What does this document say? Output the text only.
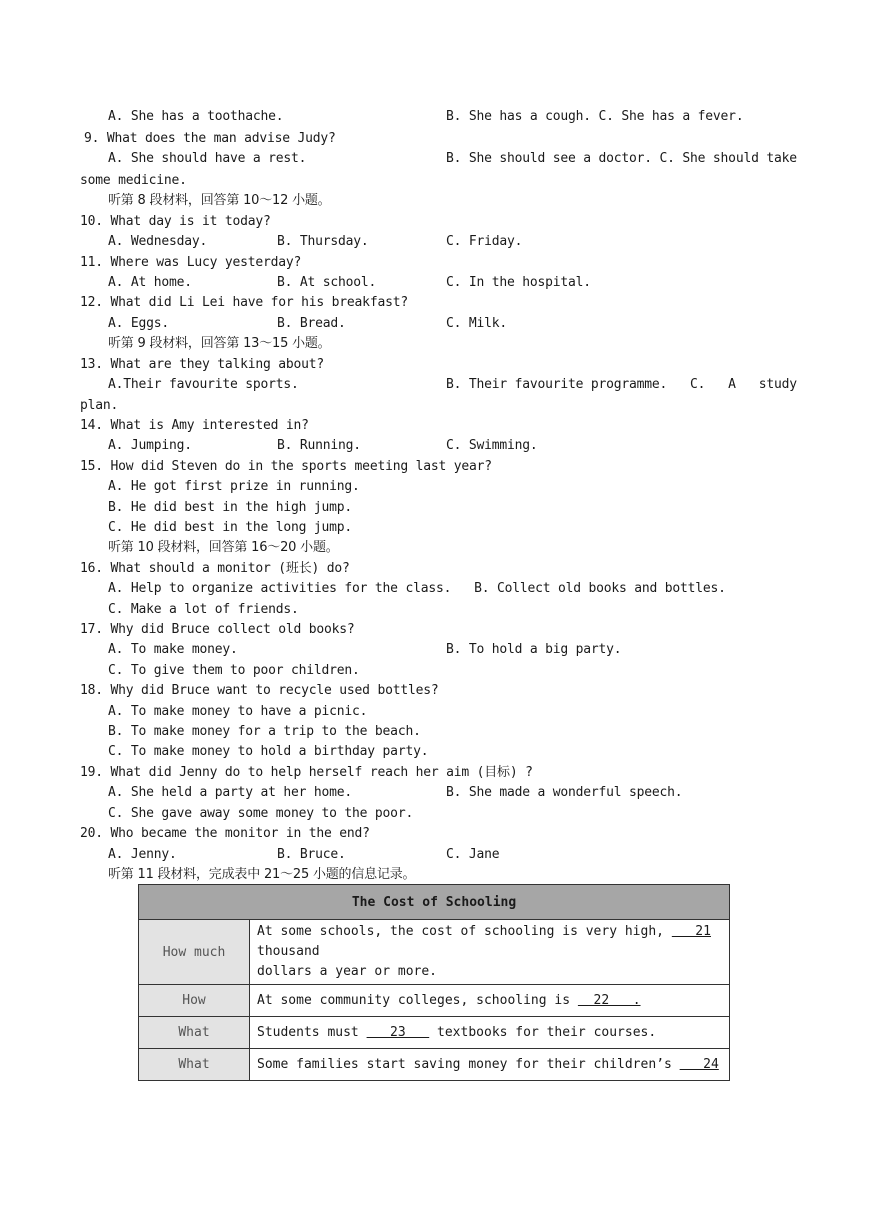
A. She has a toothache.	B. She has a cough. C. She has a fever.
9. What does the man advise Judy?
A. She should have a rest.	B. She should see a doctor. C. She should take
some medicine.
听第 8 段材料，回答第 10～12 小题。
10. What day is it today?
A. Wednesday.	B. Thursday.	C. Friday.
11. Where was Lucy yesterday?
A. At home.	B. At school.	C. In the hospital.
12. What did Li Lei have for his breakfast?
A. Eggs.	B. Bread.	C. Milk.
听第 9 段材料，回答第 13～15 小题。
13. What are they talking about?
A.Their favourite sports.	B. Their favourite programme.   C.   A   study
plan.
14. What is Amy interested in?
A. Jumping.	B. Running.	C. Swimming.
15. How did Steven do in the sports meeting last year?
A. He got first prize in running.
B. He did best in the high jump.
C. He did best in the long jump.
听第 10 段材料，回答第 16～20 小题。
16. What should a monitor (班长) do?
A. Help to organize activities for the class.   B. Collect old books and bottles.
C. Make a lot of friends.
17. Why did Bruce collect old books?
A. To make money.	B. To hold a big party.
C. To give them to poor children.
18. Why did Bruce want to recycle used bottles?
A. To make money to have a picnic.
B. To make money for a trip to the beach.
C. To make money to hold a birthday party.
19. What did Jenny do to help herself reach her aim (目标) ?
A. She held a party at her home.	B. She made a wonderful speech.
C. She gave away some money to the poor.
20. Who became the monitor in the end?
A. Jenny.	B. Bruce.	C. Jane
听第 11 段材料，完成表中 21～25 小题的信息记录。
The Cost of Schooling	
How much	At some schools, the cost of schooling is very high,    21
thousand
dollars a year or more.
How	At some community colleges, schooling is   22   .
What	Students must    23    textbooks for their courses.
What	Some families start saving money for their children’s    24
